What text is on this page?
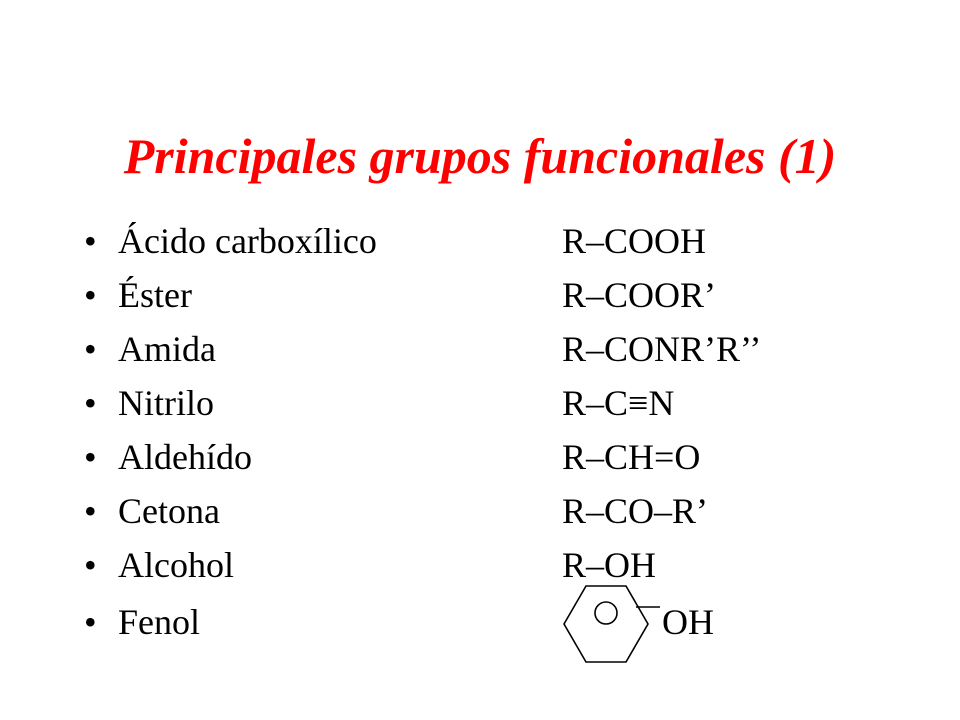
Principales grupos funcionales (1)
• Ácido carboxílico	R–COOH
• Éster	R–COOR’
• Amida	R–CONR’R’’
• Nitrilo	R–C≡N
• Aldehído	R–CH=O
• Cetona	R–CO–R’
• Alcohol	R–OH
• Fenol	OH
